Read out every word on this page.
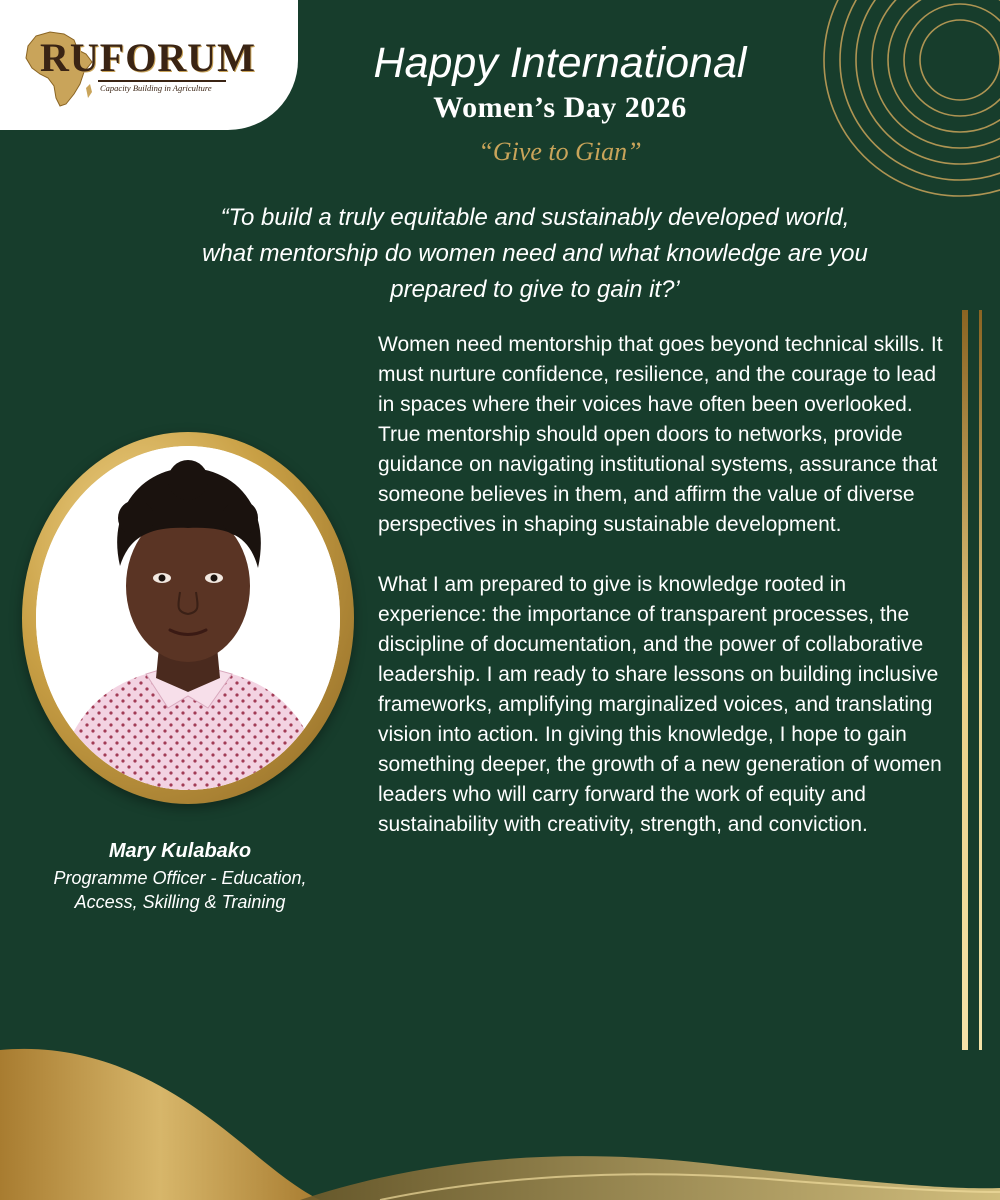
RUFORUM
Capacity Building in Agriculture
Happy International
Women’s Day 2026
“Give to Gian”
“To build a truly equitable and sustainably developed world, what mentorship do women need and what knowledge are you prepared to give to gain it?’

Women need mentorship that goes beyond technical skills. It must nurture confidence, resilience, and the courage to lead in spaces where their voices have often been overlooked. True mentorship should open doors to networks, provide guidance on navigating institutional systems, assurance that someone believes in them, and affirm the value of diverse perspectives in shaping sustainable development.

What I am prepared to give is knowledge rooted in experience: the importance of transparent processes, the discipline of documentation, and the power of collaborative leadership. I am ready to share lessons on building inclusive frameworks, amplifying marginalized voices, and translating vision into action. In giving this knowledge, I hope to gain something deeper, the growth of a new generation of women leaders who will carry forward the work of equity and sustainability with creativity, strength, and conviction.

Mary Kulabako
Programme Officer - Education,
Access, Skilling & Training
